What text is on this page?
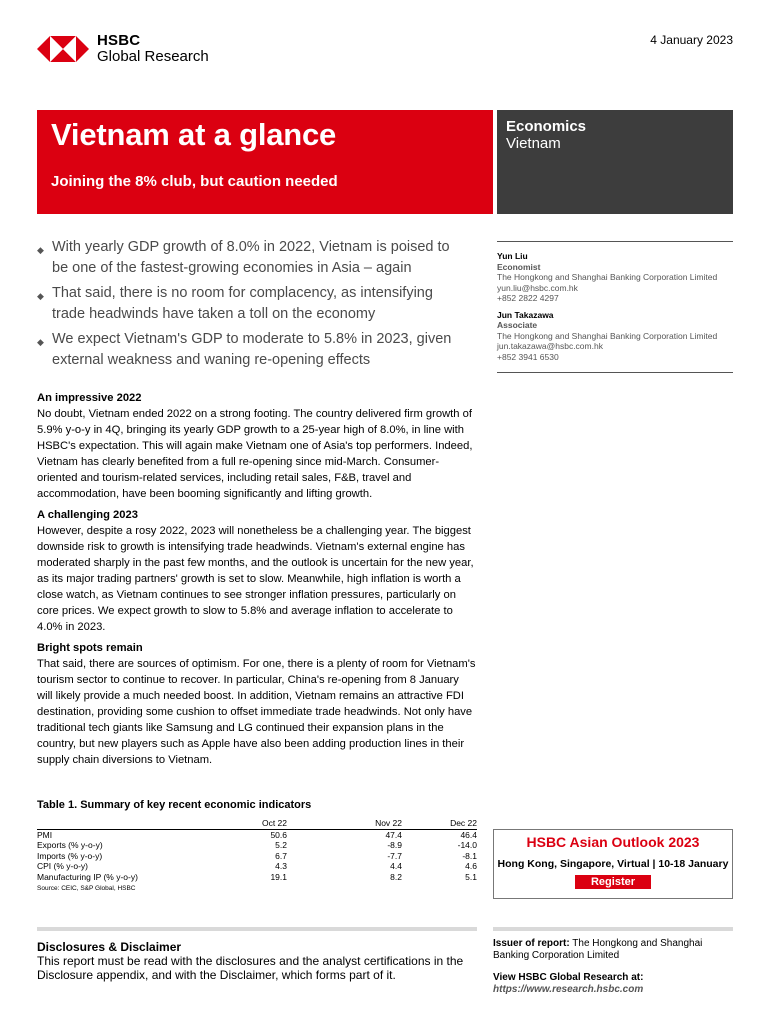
HSBC
Global Research
4 January 2023
Vietnam at a glance
Joining the 8% club, but caution needed
Economics
Vietnam
◆ With yearly GDP growth of 8.0% in 2022, Vietnam is poised to be one of the fastest-growing economies in Asia – again
◆ That said, there is no room for complacency, as intensifying trade headwinds have taken a toll on the economy
◆ We expect Vietnam's GDP to moderate to 5.8% in 2023, given external weakness and waning re-opening effects
Yun Liu
Economist
The Hongkong and Shanghai Banking Corporation Limited
yun.liu@hsbc.com.hk
+852 2822 4297
Jun Takazawa
Associate
The Hongkong and Shanghai Banking Corporation Limited
jun.takazawa@hsbc.com.hk
+852 3941 6530
An impressive 2022

No doubt, Vietnam ended 2022 on a strong footing. The country delivered firm growth of 5.9% y-o-y in 4Q, bringing its yearly GDP growth to a 25-year high of 8.0%, in line with HSBC's expectation. This will again make Vietnam one of Asia's top performers. Indeed, Vietnam has clearly benefited from a full re-opening since mid-March. Consumer-oriented and tourism-related services, including retail sales, F&B, travel and accommodation, have been booming significantly and lifting growth.

A challenging 2023

However, despite a rosy 2022, 2023 will nonetheless be a challenging year. The biggest downside risk to growth is intensifying trade headwinds. Vietnam's external engine has moderated sharply in the past few months, and the outlook is uncertain for the new year, as its major trading partners' growth is set to slow. Meanwhile, high inflation is worth a close watch, as Vietnam continues to see stronger inflation pressures, particularly on core prices. We expect growth to slow to 5.8% and average inflation to accelerate to 4.0% in 2023.

Bright spots remain

That said, there are sources of optimism. For one, there is a plenty of room for Vietnam's tourism sector to continue to recover. In particular, China's re-opening from 8 January will likely provide a much needed boost. In addition, Vietnam remains an attractive FDI destination, providing some cushion to offset immediate trade headwinds. Not only have traditional tech giants like Samsung and LG continued their expansion plans in the country, but new players such as Apple have also been adding production lines in their supply chain diversions to Vietnam.

Table 1. Summary of key recent economic indicators
	Oct 22	Nov 22	Dec 22
PMI	50.6	47.4	46.4
Exports (% y-o-y)	5.2	-8.9	-14.0
Imports (% y-o-y)	6.7	-7.7	-8.1
CPI (% y-o-y)	4.3	4.4	4.6
Manufacturing IP (% y-o-y)	19.1	8.2	5.1
Source: CEIC, S&P Global, HSBC
HSBC Asian Outlook 2023
Hong Kong, Singapore, Virtual | 10-18 January
Register
Disclosures & Disclaimer
This report must be read with the disclosures and the analyst certifications in the Disclosure appendix, and with the Disclaimer, which forms part of it.
Issuer of report: The Hongkong and Shanghai Banking Corporation Limited
View HSBC Global Research at:
https://www.research.hsbc.com
